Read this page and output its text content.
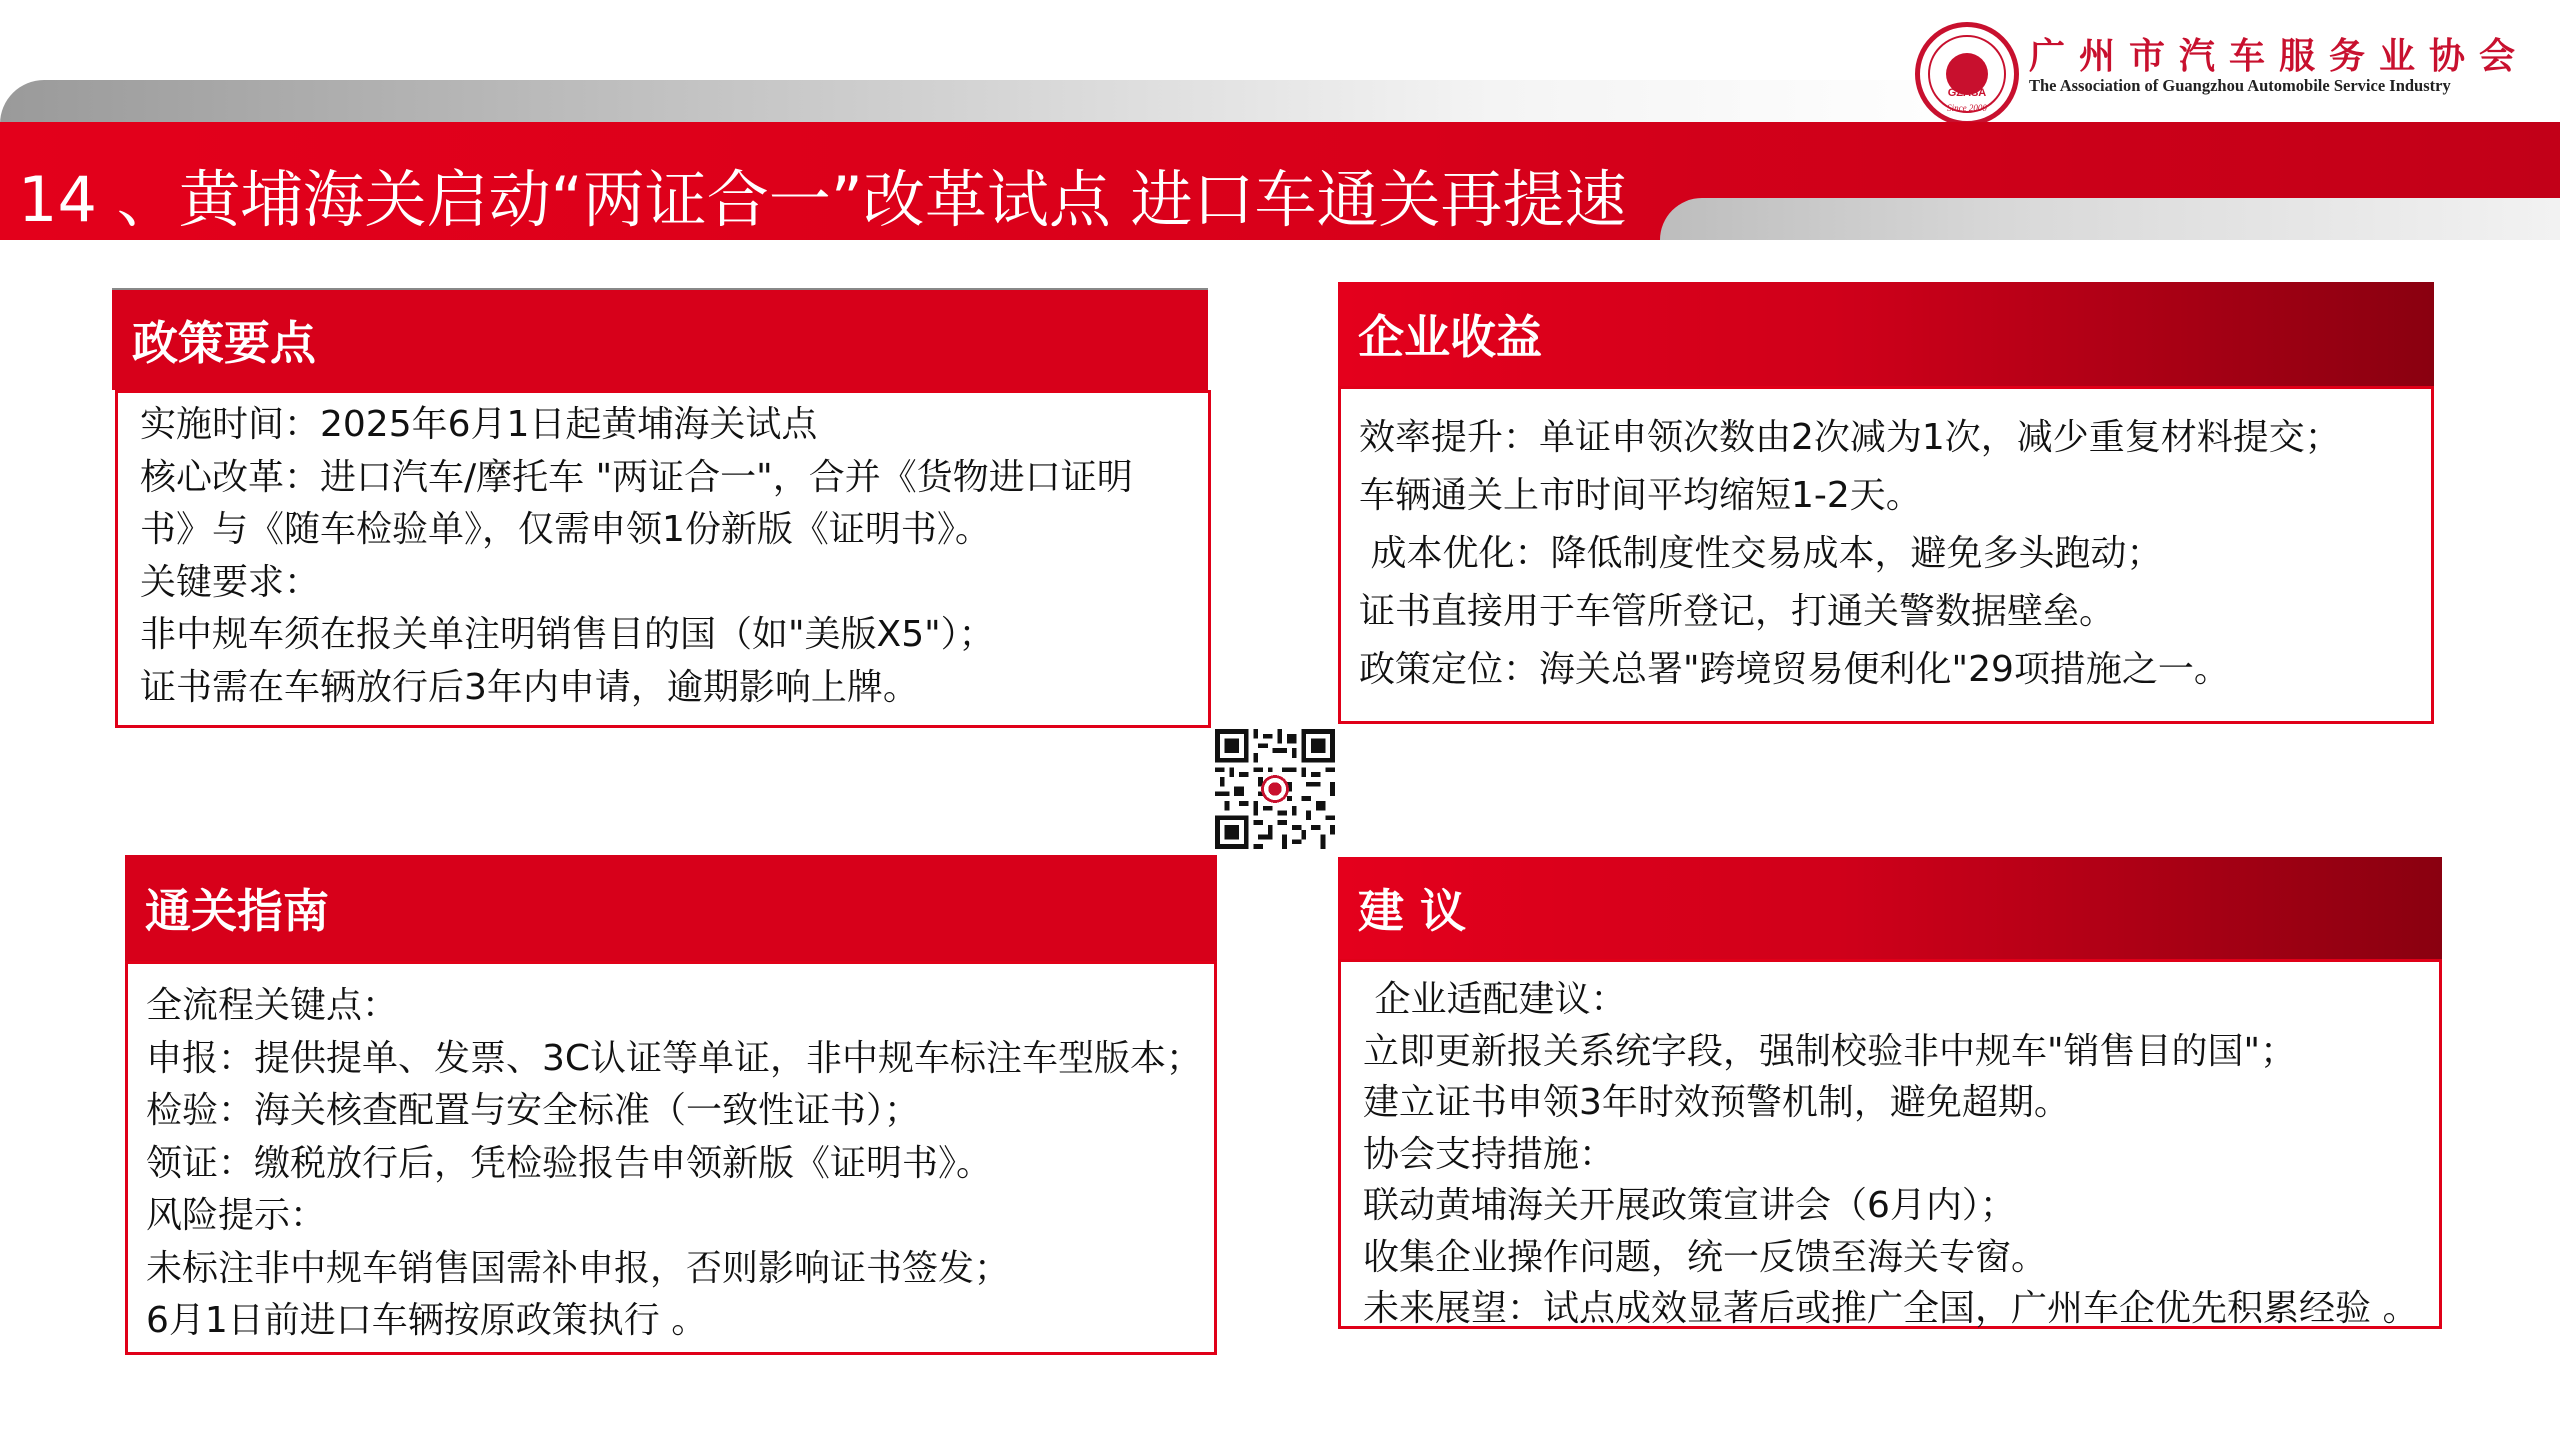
GZASA
Since 2000
广州市汽车服务业协会
The Association of Guangzhou Automobile Service Industry
14 、黄埔海关启动“两证合一”改革试点 进口车通关再提速
政策要点

实施时间：2025年6月1日起黄埔海关试点

核心改革：进口汽车/摩托车 "两证合一"，合并《货物进口证明

书》与《随车检验单》，仅需申领1份新版《证明书》。

关键要求：

非中规车须在报关单注明销售目的国（如"美版X5"）；

证书需在车辆放行后3年内申请，逾期影响上牌。

企业收益

效率提升：单证申领次数由2次减为1次，减少重复材料提交；

车辆通关上市时间平均缩短1-2天。

成本优化：降低制度性交易成本，避免多头跑动；

证书直接用于车管所登记，打通关警数据壁垒。

政策定位：海关总署"跨境贸易便利化"29项措施之一。

通关指南

全流程关键点：

申报：提供提单、发票、3C认证等单证，非中规车标注车型版本；

检验：海关核查配置与安全标准（一致性证书）；

领证：缴税放行后，凭检验报告申领新版《证明书》。

风险提示：

未标注非中规车销售国需补申报，否则影响证书签发；

6月1日前进口车辆按原政策执行 。

建 议

企业适配建议：

立即更新报关系统字段，强制校验非中规车"销售目的国"；

建立证书申领3年时效预警机制，避免超期。

协会支持措施：

联动黄埔海关开展政策宣讲会（6月内）；

收集企业操作问题，统一反馈至海关专窗。

未来展望：试点成效显著后或推广全国，广州车企优先积累经验 。
